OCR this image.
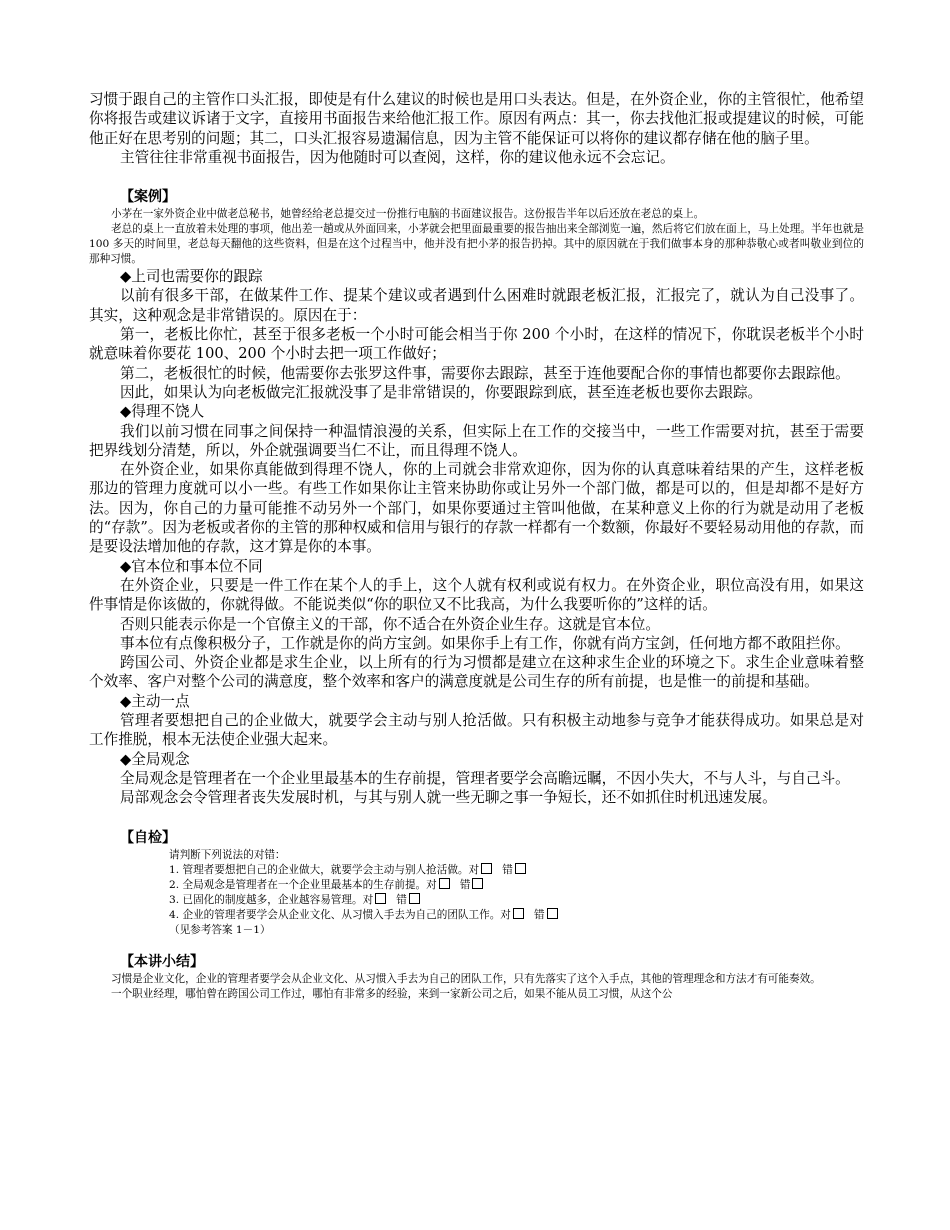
习惯于跟自己的主管作口头汇报，即使是有什么建议的时候也是用口头表达。但是，在外资企业，你的主管很忙，他希望你将报告或建议诉诸于文字，直接用书面报告来给他汇报工作。原因有两点：其一，你去找他汇报或提建议的时候，可能他正好在思考别的问题；其二，口头汇报容易遗漏信息，因为主管不能保证可以将你的建议都存储在他的脑子里。

主管往往非常重视书面报告，因为他随时可以查阅，这样，你的建议他永远不会忘记。

【案例】

小茅在一家外资企业中做老总秘书，她曾经给老总提交过一份推行电脑的书面建议报告。这份报告半年以后还放在老总的桌上。

老总的桌上一直放着未处理的事项，他出差一趟或从外面回来，小茅就会把里面最重要的报告抽出来全部浏览一遍，然后将它们放在面上，马上处理。半年也就是 100 多天的时间里，老总每天翻他的这些资料，但是在这个过程当中，他并没有把小茅的报告扔掉。其中的原因就在于我们做事本身的那种恭敬心或者叫敬业到位的那种习惯。

◆上司也需要你的跟踪

以前有很多干部，在做某件工作、提某个建议或者遇到什么困难时就跟老板汇报，汇报完了，就认为自己没事了。其实，这种观念是非常错误的。原因在于：

第一，老板比你忙，甚至于很多老板一个小时可能会相当于你 200 个小时，在这样的情况下，你耽误老板半个小时就意味着你要花 100、200 个小时去把一项工作做好；

第二，老板很忙的时候，他需要你去张罗这件事，需要你去跟踪，甚至于连他要配合你的事情也都要你去跟踪他。

因此，如果认为向老板做完汇报就没事了是非常错误的，你要跟踪到底，甚至连老板也要你去跟踪。

◆得理不饶人

我们以前习惯在同事之间保持一种温情浪漫的关系，但实际上在工作的交接当中，一些工作需要对抗，甚至于需要把界线划分清楚，所以，外企就强调要当仁不让，而且得理不饶人。

在外资企业，如果你真能做到得理不饶人，你的上司就会非常欢迎你，因为你的认真意味着结果的产生，这样老板那边的管理力度就可以小一些。有些工作如果你让主管来协助你或让另外一个部门做，都是可以的，但是却都不是好方法。因为，你自己的力量可能推不动另外一个部门，如果你要通过主管叫他做，在某种意义上你的行为就是动用了老板的“存款”。因为老板或者你的主管的那种权威和信用与银行的存款一样都有一个数额，你最好不要轻易动用他的存款，而是要设法增加他的存款，这才算是你的本事。

◆官本位和事本位不同

在外资企业，只要是一件工作在某个人的手上，这个人就有权利或说有权力。在外资企业，职位高没有用，如果这件事情是你该做的，你就得做。不能说类似“你的职位又不比我高，为什么我要听你的”这样的话。

否则只能表示你是一个官僚主义的干部，你不适合在外资企业生存。这就是官本位。

事本位有点像积极分子，工作就是你的尚方宝剑。如果你手上有工作，你就有尚方宝剑，任何地方都不敢阻拦你。

跨国公司、外资企业都是求生企业，以上所有的行为习惯都是建立在这种求生企业的环境之下。求生企业意味着整个效率、客户对整个公司的满意度，整个效率和客户的满意度就是公司生存的所有前提，也是惟一的前提和基础。

◆主动一点

管理者要想把自己的企业做大，就要学会主动与别人抢活做。只有积极主动地参与竞争才能获得成功。如果总是对工作推脱，根本无法使企业强大起来。

◆全局观念

全局观念是管理者在一个企业里最基本的生存前提，管理者要学会高瞻远瞩，不因小失大，不与人斗，与自己斗。

局部观念会令管理者丧失发展时机，与其与别人就一些无聊之事一争短长，还不如抓住时机迅速发展。

【自检】

请判断下列说法的对错：

1. 管理者要想把自己的企业做大，就要学会主动与别人抢活做。对 错

2. 全局观念是管理者在一个企业里最基本的生存前提。对 错

3. 已固化的制度越多，企业越容易管理。对 错

4. 企业的管理者要学会从企业文化、从习惯入手去为自己的团队工作。对 错

（见参考答案 1－1）

【本讲小结】

习惯是企业文化，企业的管理者要学会从企业文化、从习惯入手去为自己的团队工作，只有先落实了这个入手点，其他的管理理念和方法才有可能奏效。

一个职业经理，哪怕曾在跨国公司工作过，哪怕有非常多的经验，来到一家新公司之后，如果不能从员工习惯，从这个公
